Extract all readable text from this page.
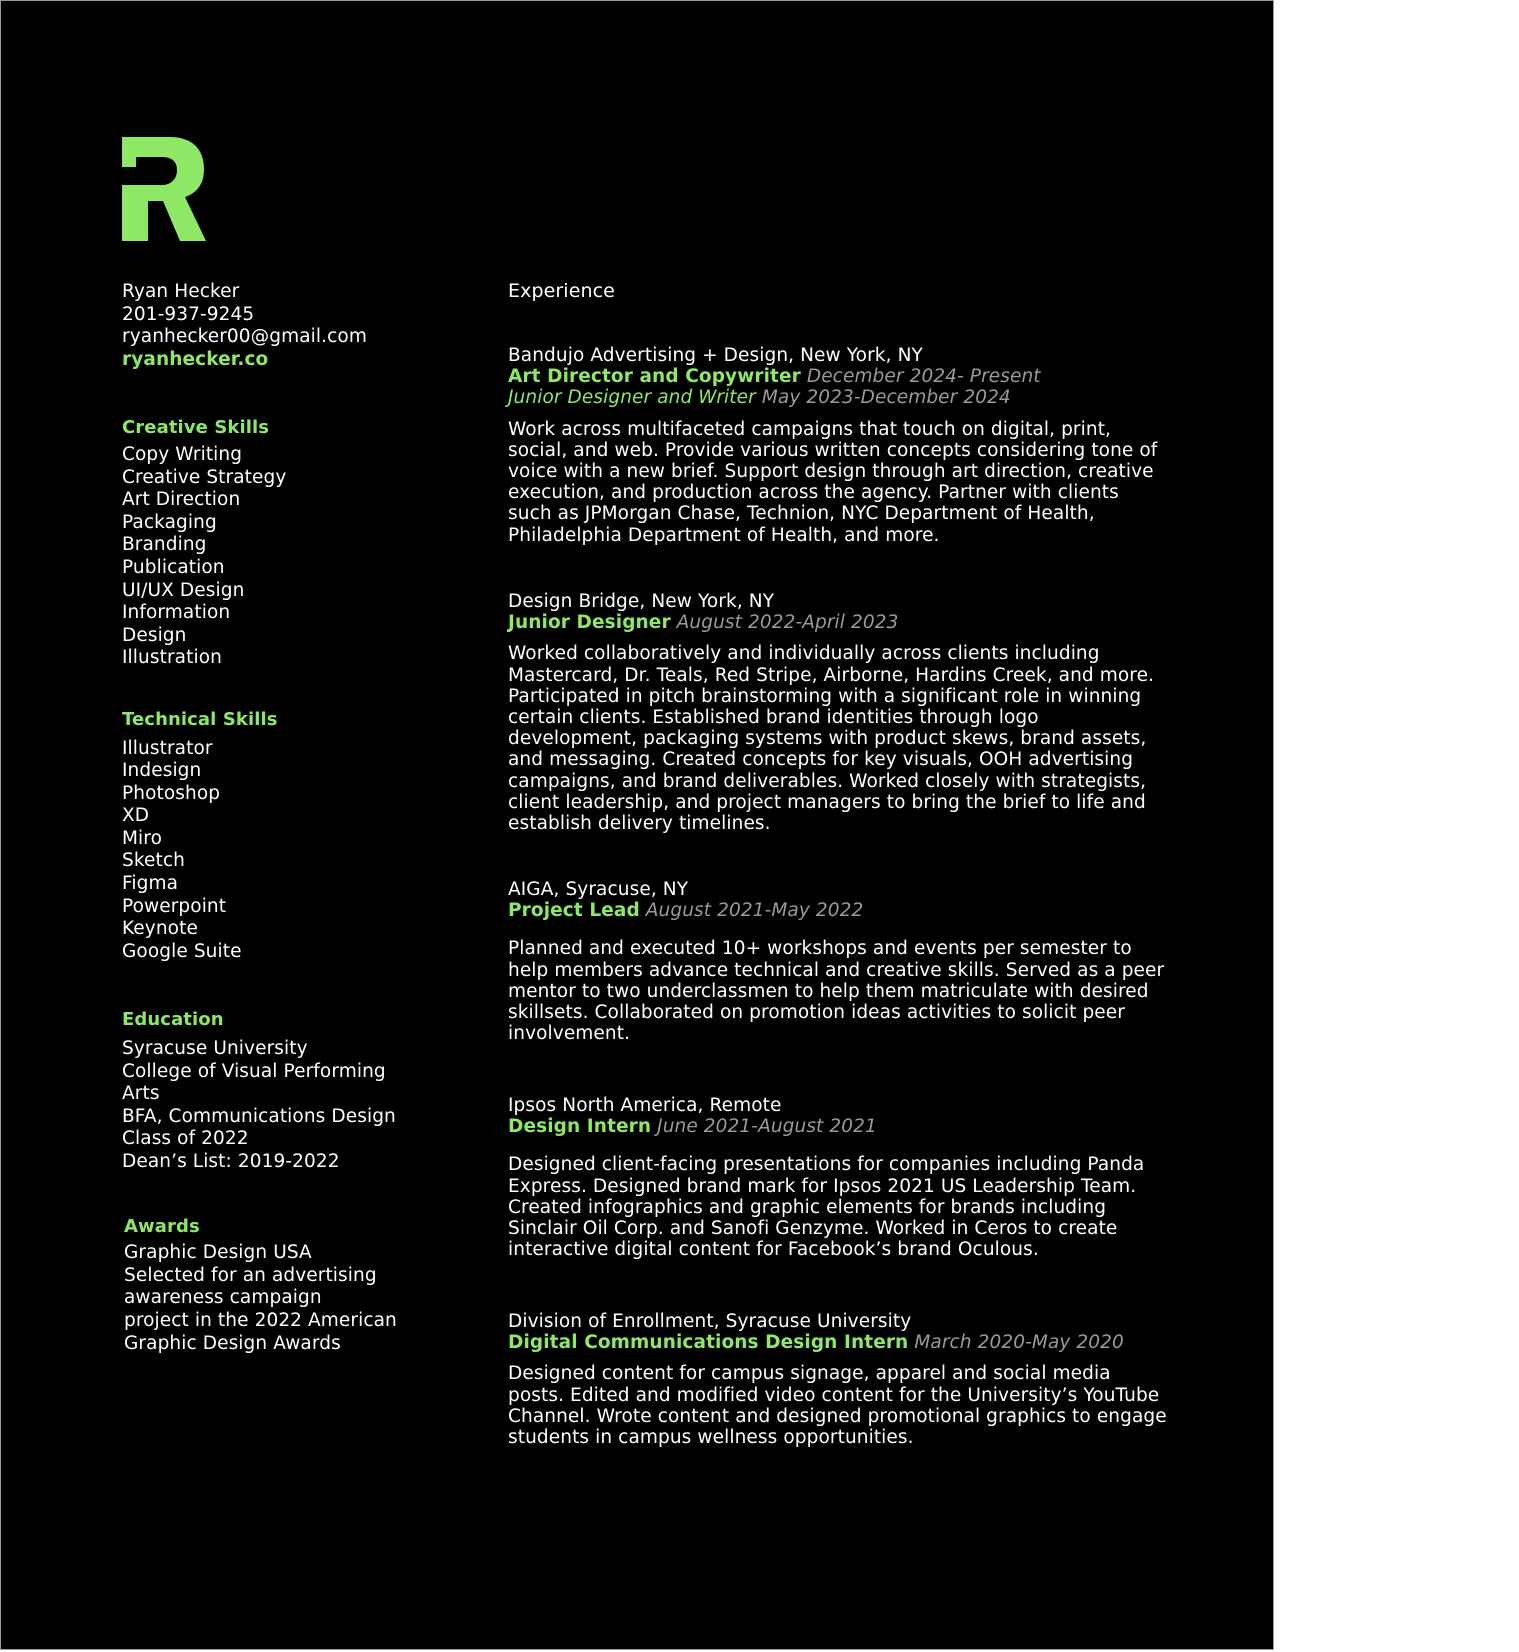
Ryan Hecker
201-937-9245
ryanhecker00@gmail.com
ryanhecker.co
Creative Skills
Copy Writing
Creative Strategy
Art Direction
Packaging
Branding
Publication
UI/UX Design
Information
Design
Illustration
Technical Skills
Illustrator
Indesign
Photoshop
XD
Miro
Sketch
Figma
Powerpoint
Keynote
Google Suite
Education
Syracuse University
College of Visual Performing
Arts
BFA, Communications Design
Class of 2022
Dean’s List: 2019-2022
Awards
Graphic Design USA
Selected for an advertising
awareness campaign
project in the 2022 American
Graphic Design Awards
Experience
Bandujo Advertising + Design, New York, NY
Art Director and Copywriter December 2024- Present
Junior Designer and Writer May 2023-December 2024
Work across multifaceted campaigns that touch on digital, print, social, and web. Provide various written concepts considering tone of voice with a new brief. Support design through art direction, creative execution, and production across the agency. Partner with clients such as JPMorgan Chase, Technion, NYC Department of Health, Philadelphia Department of Health, and more.
Design Bridge, New York, NY
Junior Designer August 2022-April 2023
Worked collaboratively and individually across clients including Mastercard, Dr. Teals, Red Stripe, Airborne, Hardins Creek, and more. Participated in pitch brainstorming with a significant role in winning certain clients. Established brand identities through logo development, packaging systems with product skews, brand assets, and messaging. Created concepts for key visuals, OOH advertising campaigns, and brand deliverables. Worked closely with strategists, client leadership, and project managers to bring the brief to life and establish delivery timelines.
AIGA, Syracuse, NY
Project Lead August 2021-May 2022
Planned and executed 10+ workshops and events per semester to help members advance technical and creative skills. Served as a peer mentor to two underclassmen to help them matriculate with desired skillsets. Collaborated on promotion ideas activities to solicit peer involvement.
Ipsos North America, Remote
Design Intern June 2021-August 2021
Designed client-facing presentations for companies including Panda Express. Designed brand mark for Ipsos 2021 US Leadership Team. Created infographics and graphic elements for brands including Sinclair Oil Corp. and Sanofi Genzyme. Worked in Ceros to create interactive digital content for Facebook’s brand Oculous.
Division of Enrollment, Syracuse University
Digital Communications Design Intern March 2020-May 2020
Designed content for campus signage, apparel and social media posts. Edited and modified video content for the University’s YouTube Channel. Wrote content and designed promotional graphics to engage students in campus wellness opportunities.
